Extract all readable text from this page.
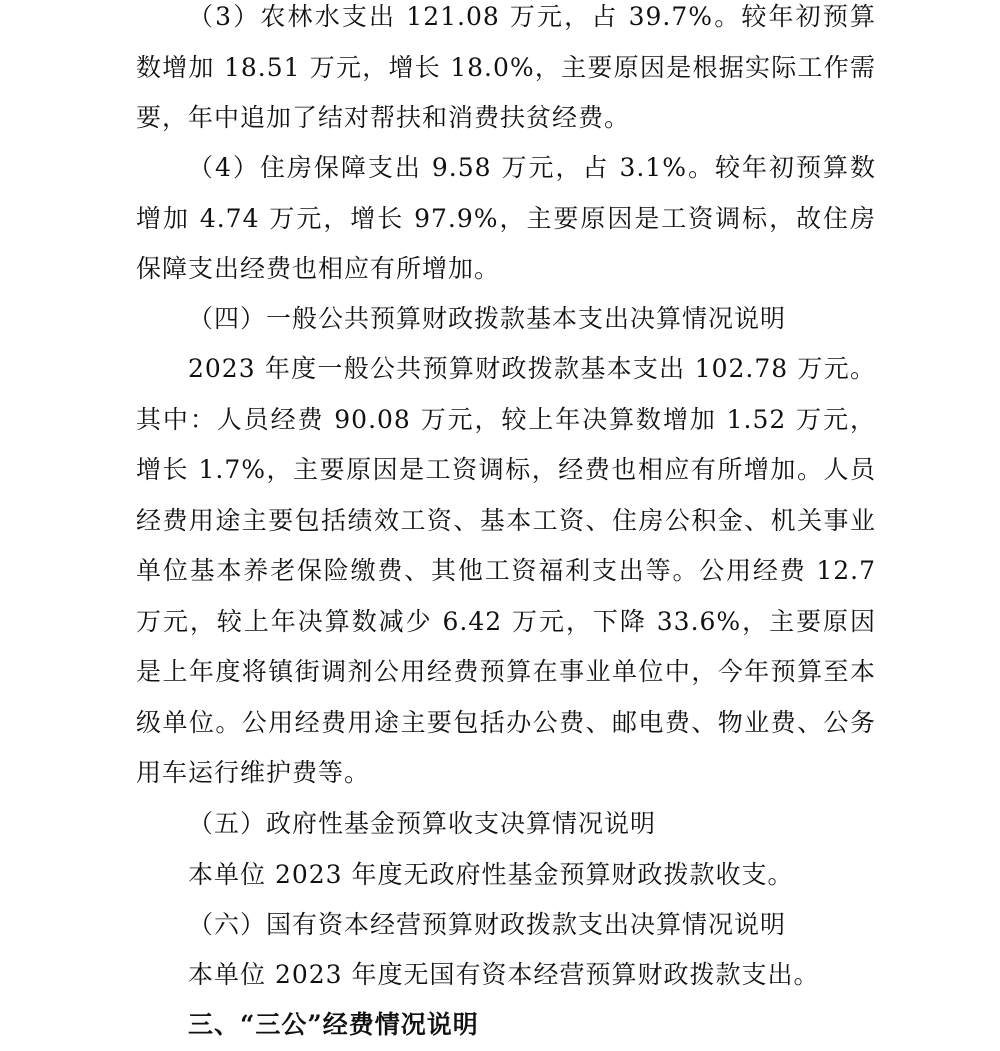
（3）农林水支出 121.08 万元，占 39.7%。较年初预算数增加 18.51 万元，增长 18.0%，主要原因是根据实际工作需要，年中追加了结对帮扶和消费扶贫经费。

（4）住房保障支出 9.58 万元，占 3.1%。较年初预算数增加 4.74 万元，增长 97.9%，主要原因是工资调标，故住房保障支出经费也相应有所增加。

（四）一般公共预算财政拨款基本支出决算情况说明

2023 年度一般公共预算财政拨款基本支出 102.78 万元。其中：人员经费 90.08 万元，较上年决算数增加 1.52 万元，增长 1.7%，主要原因是工资调标，经费也相应有所增加。人员经费用途主要包括绩效工资、基本工资、住房公积金、机关事业单位基本养老保险缴费、其他工资福利支出等。公用经费 12.7 万元，较上年决算数减少 6.42 万元，下降 33.6%，主要原因是上年度将镇街调剂公用经费预算在事业单位中，今年预算至本级单位。公用经费用途主要包括办公费、邮电费、物业费、公务用车运行维护费等。

（五）政府性基金预算收支决算情况说明

本单位 2023 年度无政府性基金预算财政拨款收支。

（六）国有资本经营预算财政拨款支出决算情况说明

本单位 2023 年度无国有资本经营预算财政拨款支出。

三、“三公”经费情况说明
